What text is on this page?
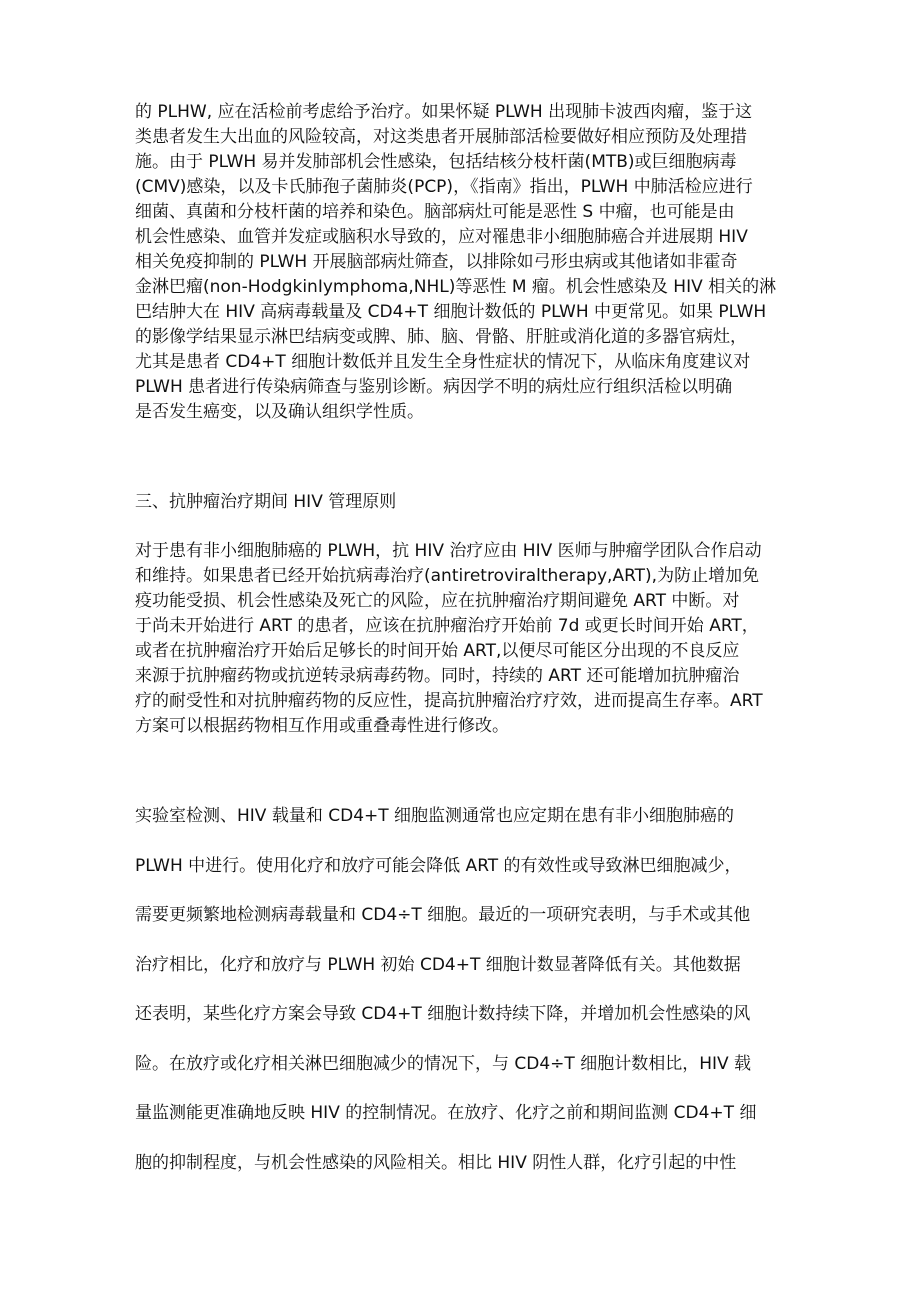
的 PLHW, 应在活检前考虑给予治疗。如果怀疑 PLWH 出现肺卡波西肉瘤，鉴于这
类患者发生大出血的风险较高，对这类患者开展肺部活检要做好相应预防及处理措
施。由于 PLWH 易并发肺部机会性感染，包括结核分枝杆菌(MTB)或巨细胞病毒
(CMV)感染，以及卡氏肺孢子菌肺炎(PCP)，《指南》指出，PLWH 中肺活检应进行
细菌、真菌和分枝杆菌的培养和染色。脑部病灶可能是恶性 S 中瘤，也可能是由
机会性感染、血管并发症或脑积水导致的，应对罹患非小细胞肺癌合并进展期 HIV
相关免疫抑制的 PLWH 开展脑部病灶筛查，以排除如弓形虫病或其他诸如非霍奇
金淋巴瘤(non-HodgkinIymphoma,NHL)等恶性 M 瘤。机会性感染及 HIV 相关的淋
巴结肿大在 HIV 高病毒载量及 CD4+T 细胞计数低的 PLWH 中更常见。如果 PLWH
的影像学结果显示淋巴结病变或脾、肺、脑、骨骼、肝脏或消化道的多器官病灶，
尤其是患者 CD4+T 细胞计数低并且发生全身性症状的情况下，从临床角度建议对
PLWH 患者进行传染病筛查与鉴别诊断。病因学不明的病灶应行组织活检以明确
是否发生癌变，以及确认组织学性质。
三、抗肿瘤治疗期间 HIV 管理原则
对于患有非小细胞肺癌的 PLWH，抗 HIV 治疗应由 HIV 医师与肿瘤学团队合作启动
和维持。如果患者已经开始抗病毒治疗(antiretroviraltherapy,ART),为防止增加免
疫功能受损、机会性感染及死亡的风险，应在抗肿瘤治疗期间避免 ART 中断。对
于尚未开始进行 ART 的患者，应该在抗肿瘤治疗开始前 7d 或更长时间开始 ART，
或者在抗肿瘤治疗开始后足够长的时间开始 ART,以便尽可能区分出现的不良反应
来源于抗肿瘤药物或抗逆转录病毒药物。同时，持续的 ART 还可能增加抗肿瘤治
疗的耐受性和对抗肿瘤药物的反应性，提高抗肿瘤治疗疗效，进而提高生存率。ART
方案可以根据药物相互作用或重叠毒性进行修改。
实验室检测、HIV 载量和 CD4+T 细胞监测通常也应定期在患有非小细胞肺癌的
PLWH 中进行。使用化疗和放疗可能会降低 ART 的有效性或导致淋巴细胞减少，
需要更频繁地检测病毒载量和 CD4÷T 细胞。最近的一项研究表明，与手术或其他
治疗相比，化疗和放疗与 PLWH 初始 CD4+T 细胞计数显著降低有关。其他数据
还表明，某些化疗方案会导致 CD4+T 细胞计数持续下降，并增加机会性感染的风
险。在放疗或化疗相关淋巴细胞减少的情况下，与 CD4÷T 细胞计数相比，HIV 载
量监测能更准确地反映 HIV 的控制情况。在放疗、化疗之前和期间监测 CD4+T 细
胞的抑制程度，与机会性感染的风险相关。相比 HIV 阴性人群，化疗引起的中性
